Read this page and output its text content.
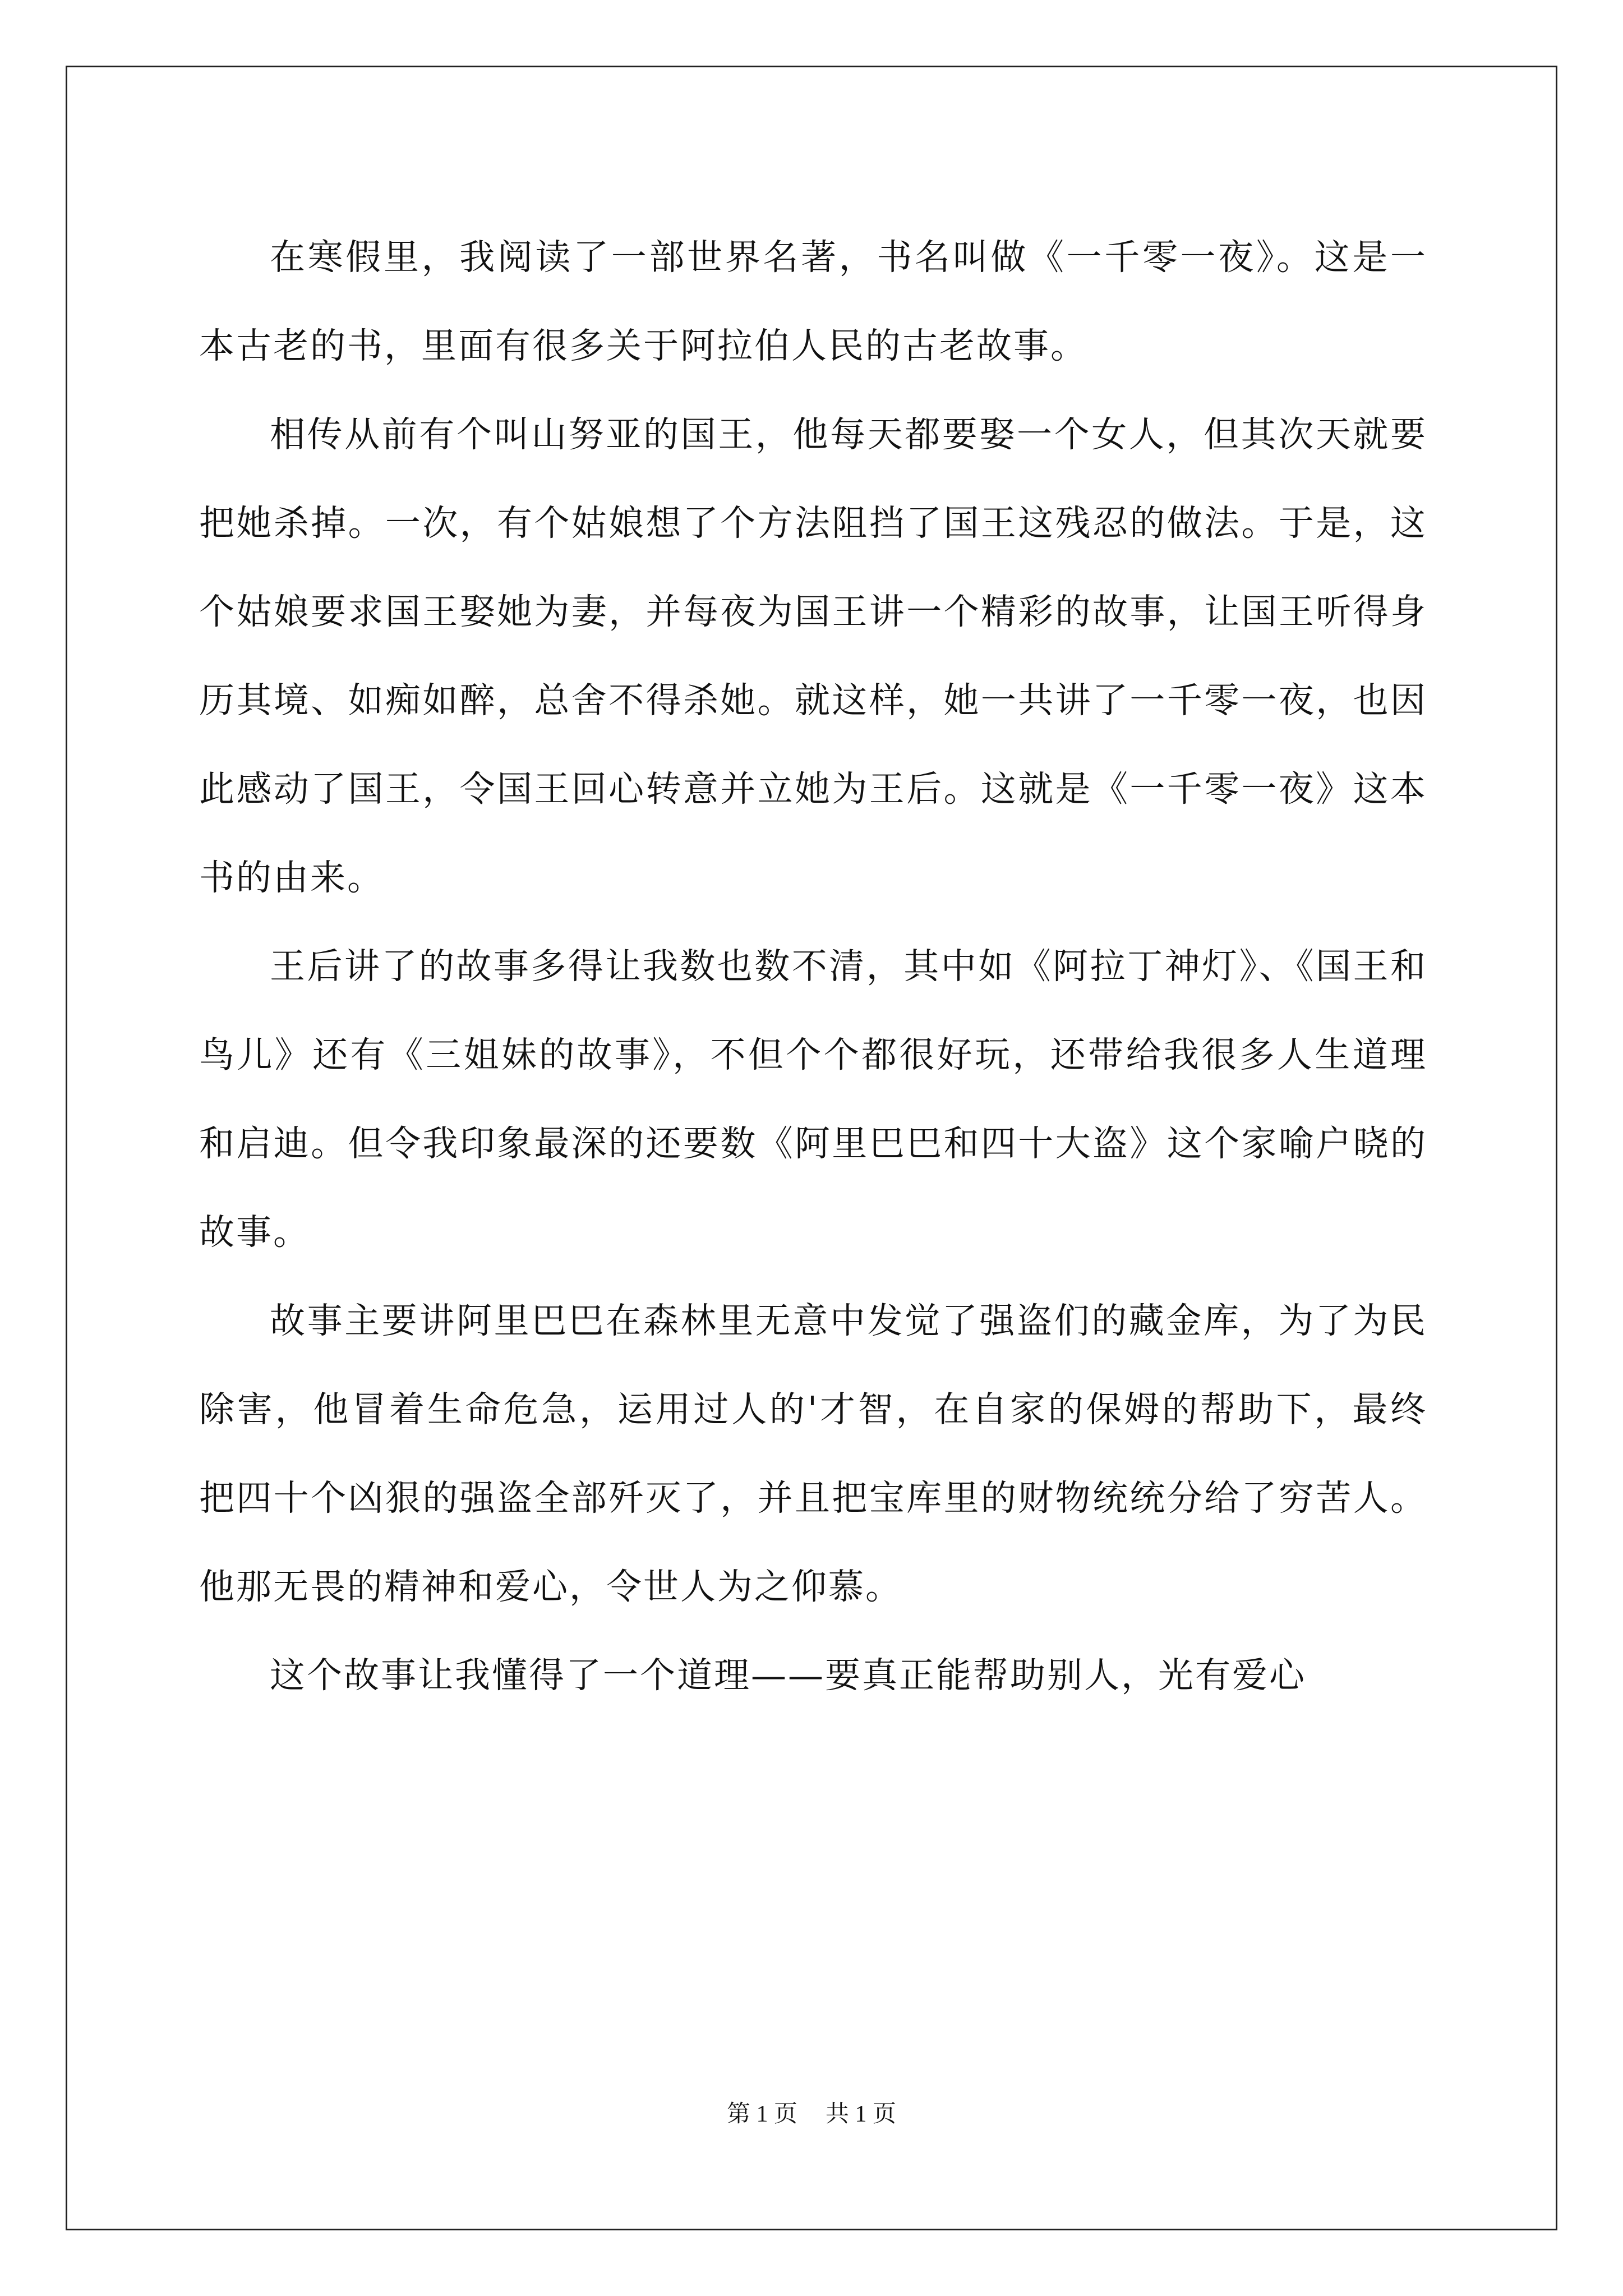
在寒假里，我阅读了一部世界名著，书名叫做《一千零一夜》。这是一本古老的书，里面有很多关于阿拉伯人民的古老故事。

相传从前有个叫山努亚的国王，他每天都要娶一个女人，但其次天就要把她杀掉。一次，有个姑娘想了个方法阻挡了国王这残忍的做法。于是，这个姑娘要求国王娶她为妻，并每夜为国王讲一个精彩的故事，让国王听得身历其境、如痴如醉，总舍不得杀她。就这样，她一共讲了一千零一夜，也因此感动了国王，令国王回心转意并立她为王后。这就是《一千零一夜》这本书的由来。

王后讲了的故事多得让我数也数不清，其中如《阿拉丁神灯》、《国王和鸟儿》还有《三姐妹的故事》，不但个个都很好玩，还带给我很多人生道理和启迪。但令我印象最深的还要数《阿里巴巴和四十大盗》这个家喻户晓的故事。

故事主要讲阿里巴巴在森林里无意中发觉了强盗们的藏金库，为了为民除害，他冒着生命危急，运用过人的'才智，在自家的保姆的帮助下，最终把四十个凶狠的强盗全部歼灭了，并且把宝库里的财物统统分给了穷苦人。他那无畏的精神和爱心，令世人为之仰慕。

这个故事让我懂得了一个道理——要真正能帮助别人，光有爱心

第 1 页 共 1 页
